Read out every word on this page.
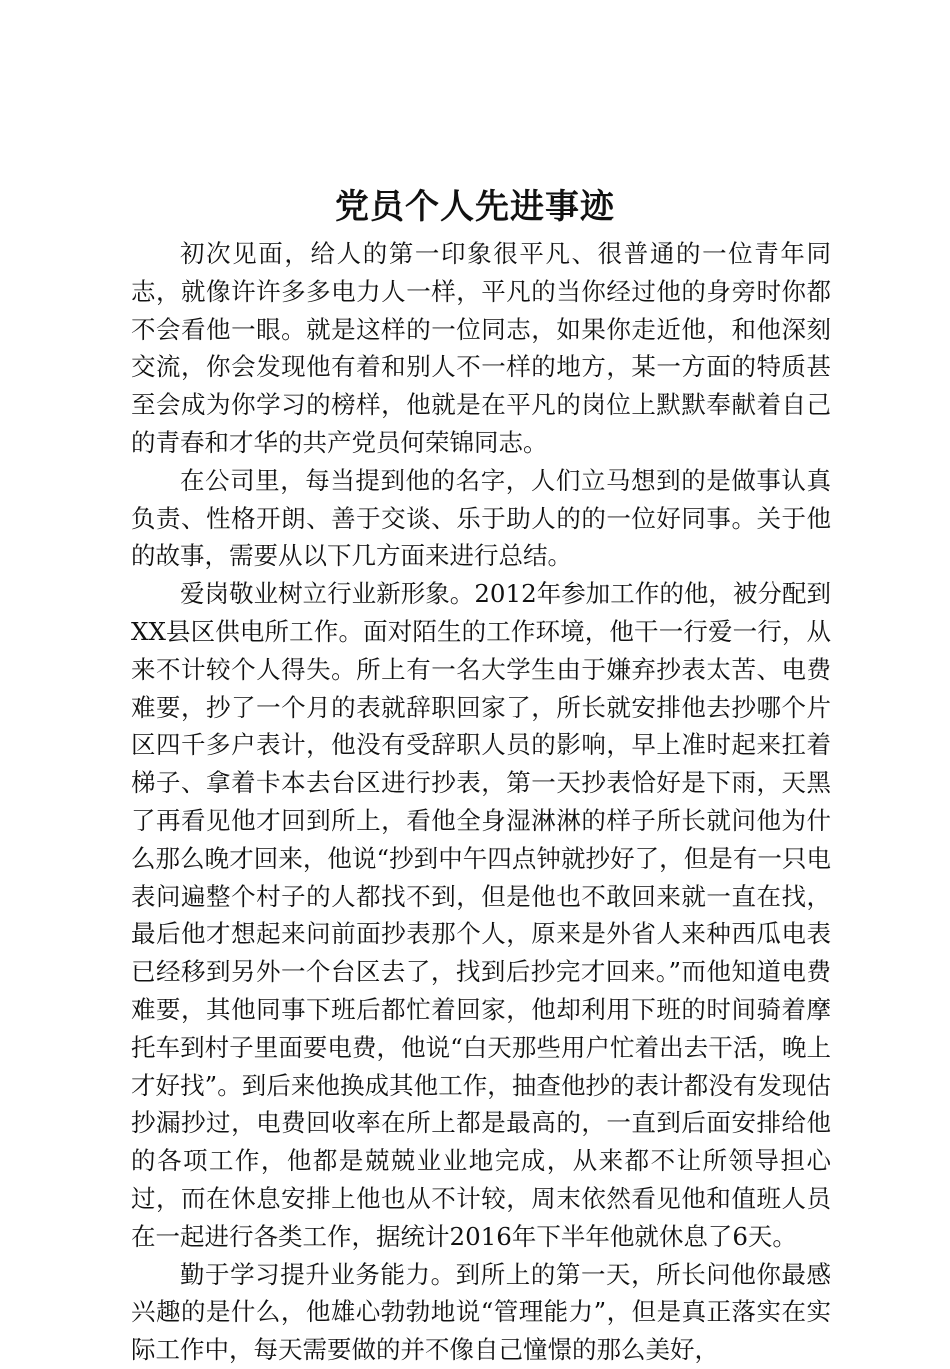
党员个人先进事迹

初次见面，给人的第一印象很平凡、很普通的一位青年同志，就像许许多多电力人一样，平凡的当你经过他的身旁时你都不会看他一眼。就是这样的一位同志，如果你走近他，和他深刻交流，你会发现他有着和别人不一样的地方，某一方面的特质甚至会成为你学习的榜样，他就是在平凡的岗位上默默奉献着自己的青春和才华的共产党员何荣锦同志。

在公司里，每当提到他的名字，人们立马想到的是做事认真负责、性格开朗、善于交谈、乐于助人的的一位好同事。关于他的故事，需要从以下几方面来进行总结。

爱岗敬业树立行业新形象。2012年参加工作的他，被分配到XX县区供电所工作。面对陌生的工作环境，他干一行爱一行，从来不计较个人得失。所上有一名大学生由于嫌弃抄表太苦、电费难要，抄了一个月的表就辞职回家了，所长就安排他去抄哪个片区四千多户表计，他没有受辞职人员的影响，早上准时起来扛着梯子、拿着卡本去台区进行抄表，第一天抄表恰好是下雨，天黑了再看见他才回到所上，看他全身湿淋淋的样子所长就问他为什么那么晚才回来，他说“抄到中午四点钟就抄好了，但是有一只电表问遍整个村子的人都找不到，但是他也不敢回来就一直在找，最后他才想起来问前面抄表那个人，原来是外省人来种西瓜电表已经移到另外一个台区去了，找到后抄完才回来。”而他知道电费难要，其他同事下班后都忙着回家，他却利用下班的时间骑着摩托车到村子里面要电费，他说“白天那些用户忙着出去干活，晚上才好找”。到后来他换成其他工作，抽查他抄的表计都没有发现估抄漏抄过，电费回收率在所上都是最高的，一直到后面安排给他的各项工作，他都是兢兢业业地完成，从来都不让所领导担心过，而在休息安排上他也从不计较，周末依然看见他和值班人员在一起进行各类工作，据统计2016年下半年他就休息了6天。

勤于学习提升业务能力。到所上的第一天，所长问他你最感兴趣的是什么，他雄心勃勃地说“管理能力”，但是真正落实在实际工作中，每天需要做的并不像自己憧憬的那么美好，
